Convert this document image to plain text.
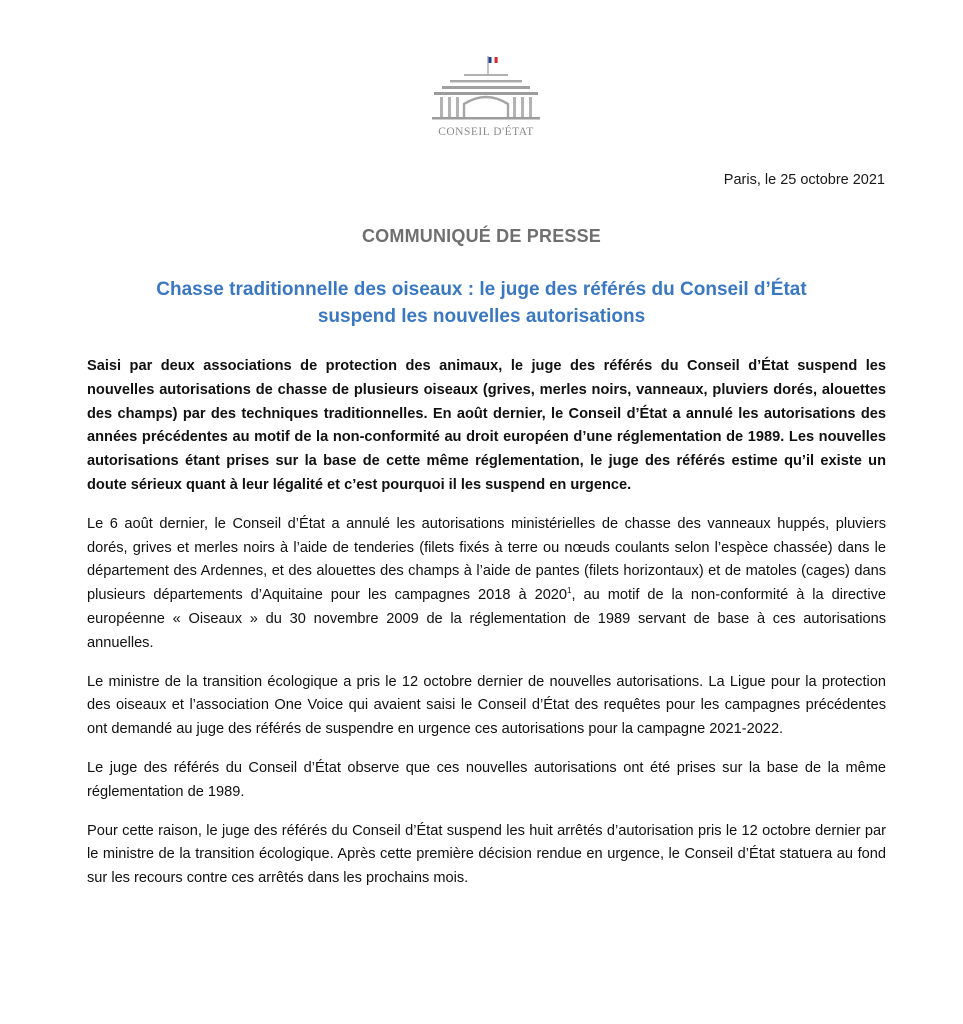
CONSEIL D'ÉTAT
Paris, le 25 octobre 2021
COMMUNIQUÉ DE PRESSE
Chasse traditionnelle des oiseaux : le juge des référés du Conseil d’État
suspend les nouvelles autorisations

Saisi par deux associations de protection des animaux, le juge des référés du Conseil d’État suspend les nouvelles autorisations de chasse de plusieurs oiseaux (grives, merles noirs, vanneaux, pluviers dorés, alouettes des champs) par des techniques traditionnelles. En août dernier, le Conseil d’État a annulé les autorisations des années précédentes au motif de la non-conformité au droit européen d’une réglementation de 1989. Les nouvelles autorisations étant prises sur la base de cette même réglementation, le juge des référés estime qu’il existe un doute sérieux quant à leur légalité et c’est pourquoi il les suspend en urgence.

Le 6 août dernier, le Conseil d’État a annulé les autorisations ministérielles de chasse des vanneaux huppés, pluviers dorés, grives et merles noirs à l’aide de tenderies (filets fixés à terre ou nœuds coulants selon l’espèce chassée) dans le département des Ardennes, et des alouettes des champs à l’aide de pantes (filets horizontaux) et de matoles (cages) dans plusieurs départements d’Aquitaine pour les campagnes 2018 à 2020$^1$, au motif de la non-conformité à la directive européenne « Oiseaux » du 30 novembre 2009 de la réglementation de 1989 servant de base à ces autorisations annuelles.

Le ministre de la transition écologique a pris le 12 octobre dernier de nouvelles autorisations. La Ligue pour la protection des oiseaux et l’association One Voice qui avaient saisi le Conseil d’État des requêtes pour les campagnes précédentes ont demandé au juge des référés de suspendre en urgence ces autorisations pour la campagne 2021-2022.

Le juge des référés du Conseil d’État observe que ces nouvelles autorisations ont été prises sur la base de la même réglementation de 1989.

Pour cette raison, le juge des référés du Conseil d’État suspend les huit arrêtés d’autorisation pris le 12 octobre dernier par le ministre de la transition écologique. Après cette première décision rendue en urgence, le Conseil d’État statuera au fond sur les recours contre ces arrêtés dans les prochains mois.
